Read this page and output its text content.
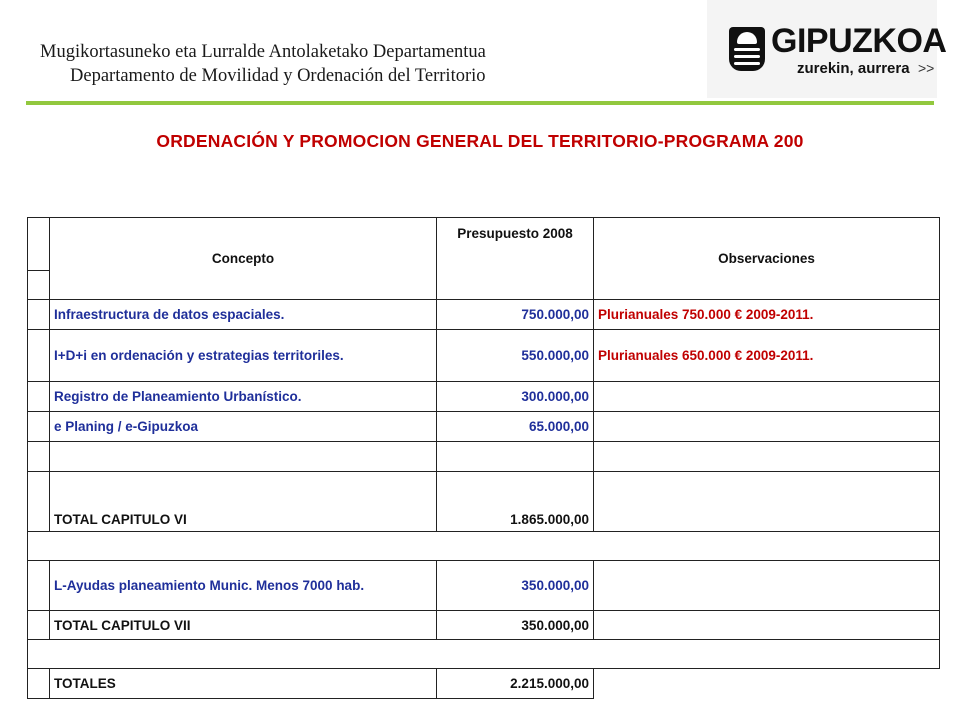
Mugikortasuneko eta Lurralde Antolaketako Departamentua
Departamento de Movilidad y Ordenación del Territorio
GIPUZKOA
zurekin, aurrera >>
ORDENACIÓN Y PROMOCION GENERAL DEL TERRITORIO-PROGRAMA 200
	Concepto	Presupuesto 2008	Observaciones

	Infraestructura de datos espaciales.	750.000,00	Plurianuales 750.000 € 2009-2011.
	I+D+i en ordenación y estrategias territoriles.	550.000,00	Plurianuales 650.000 € 2009-2011.
	Registro de Planeamiento Urbanístico.	300.000,00	
	e Planing / e-Gipuzkoa	65.000,00	

	TOTAL CAPITULO VI	1.865.000,00	

	L-Ayudas planeamiento Munic. Menos 7000 hab.	350.000,00	
	TOTAL CAPITULO VII	350.000,00	

	TOTALES	2.215.000,00	
